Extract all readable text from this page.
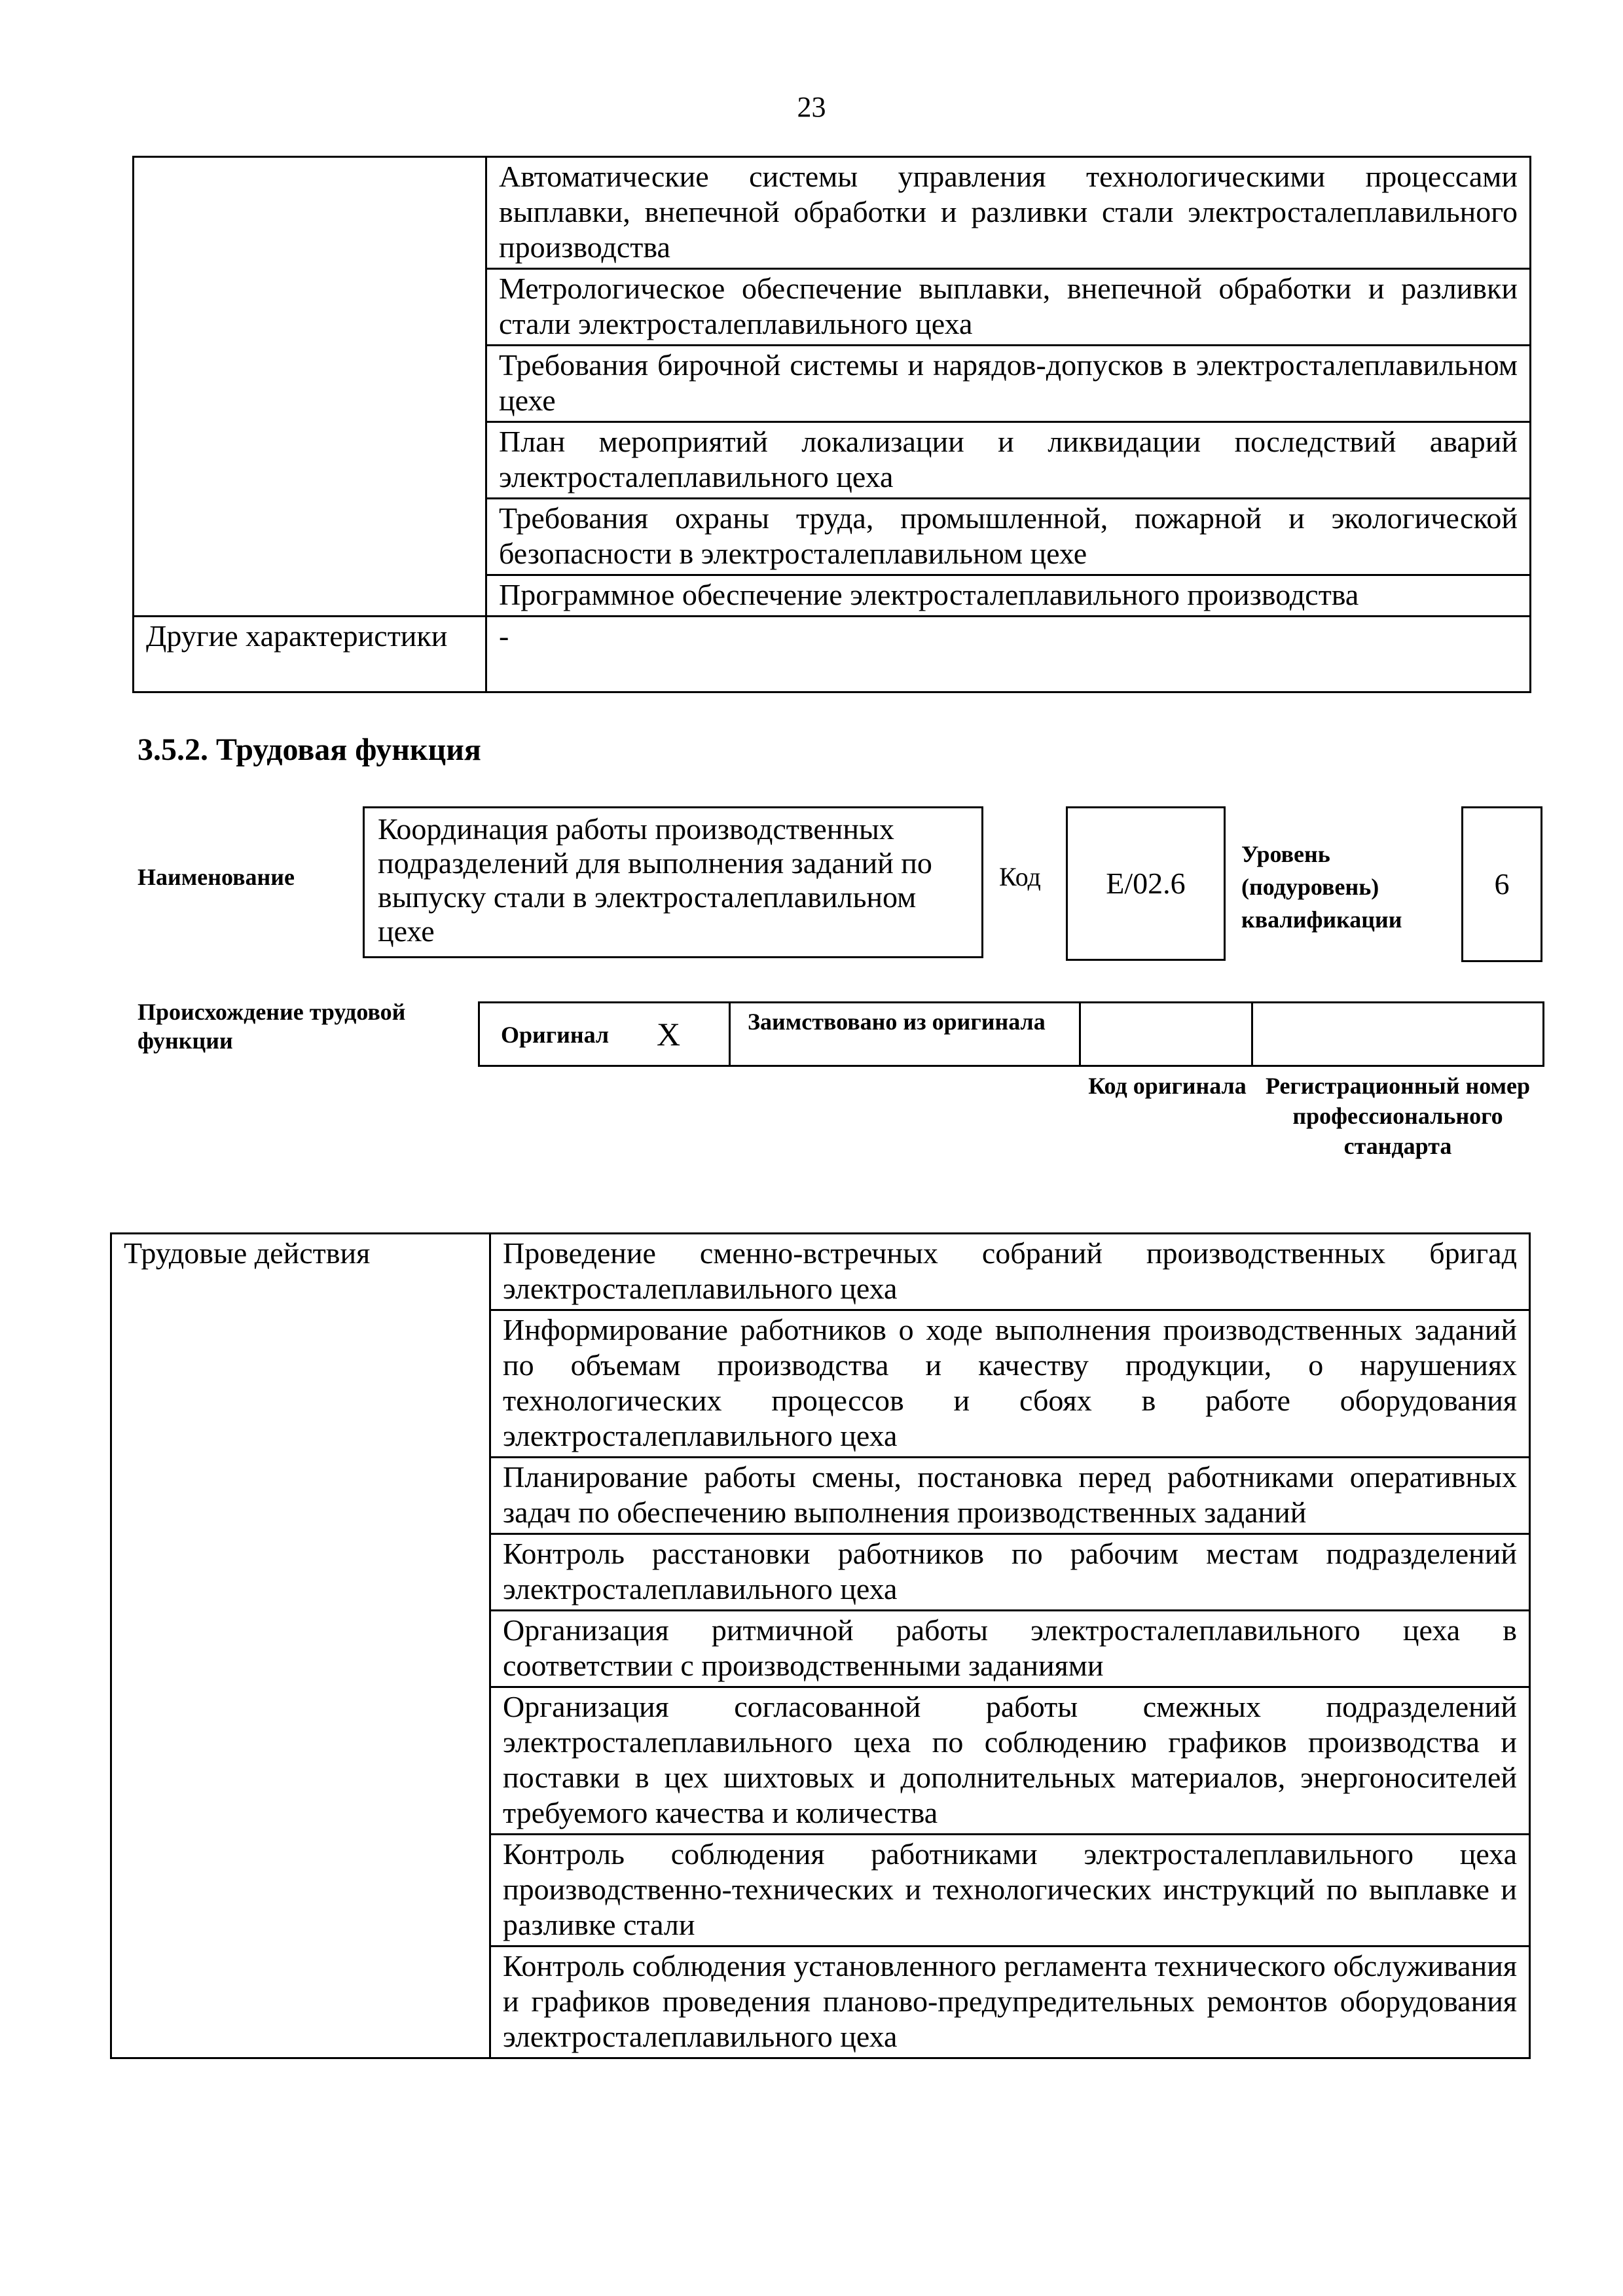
23
	Автоматические системы управления технологическими процессами выплавки, внепечной обработки и разливки стали электросталеплавильного производства
	Метрологическое обеспечение выплавки, внепечной обработки и разливки стали электросталеплавильного цеха
	Требования бирочной системы и нарядов-допусков в электросталеплавильном цехе
	План мероприятий локализации и ликвидации последствий аварий электросталеплавильного цеха
	Требования охраны труда, промышленной, пожарной и экологической безопасности в электросталеплавильном цехе
	Программное обеспечение электросталеплавильного производства
Другие характеристики	-
3.5.2. Трудовая функция
Наименование
Координация работы производственных подразделений для выполнения заданий по выпуску стали в электросталеплавильном цехе
Код E/02.6
Уровень (подуровень) квалификации
6
Происхождение трудовой функции	Оригинал X	Заимствовано из оригинала
Код оригинала Регистрационный номер профессионального стандарта
Трудовые действия	Проведение сменно-встречных собраний производственных бригад электросталеплавильного цеха
Информирование работников о ходе выполнения производственных заданий по объемам производства и качеству продукции, о нарушениях технологических процессов и сбоях в работе оборудования электросталеплавильного цеха
Планирование работы смены, постановка перед работниками оперативных задач по обеспечению выполнения производственных заданий
Контроль расстановки работников по рабочим местам подразделений электросталеплавильного цеха
Организация ритмичной работы электросталеплавильного цеха в соответствии с производственными заданиями
Организация согласованной работы смежных подразделений электросталеплавильного цеха по соблюдению графиков производства и поставки в цех шихтовых и дополнительных материалов, энергоносителей требуемого качества и количества
Контроль соблюдения работниками электросталеплавильного цеха производственно-технических и технологических инструкций по выплавке и разливке стали
Контроль соблюдения установленного регламента технического обслуживания и графиков проведения планово-предупредительных ремонтов оборудования электросталеплавильного цеха
